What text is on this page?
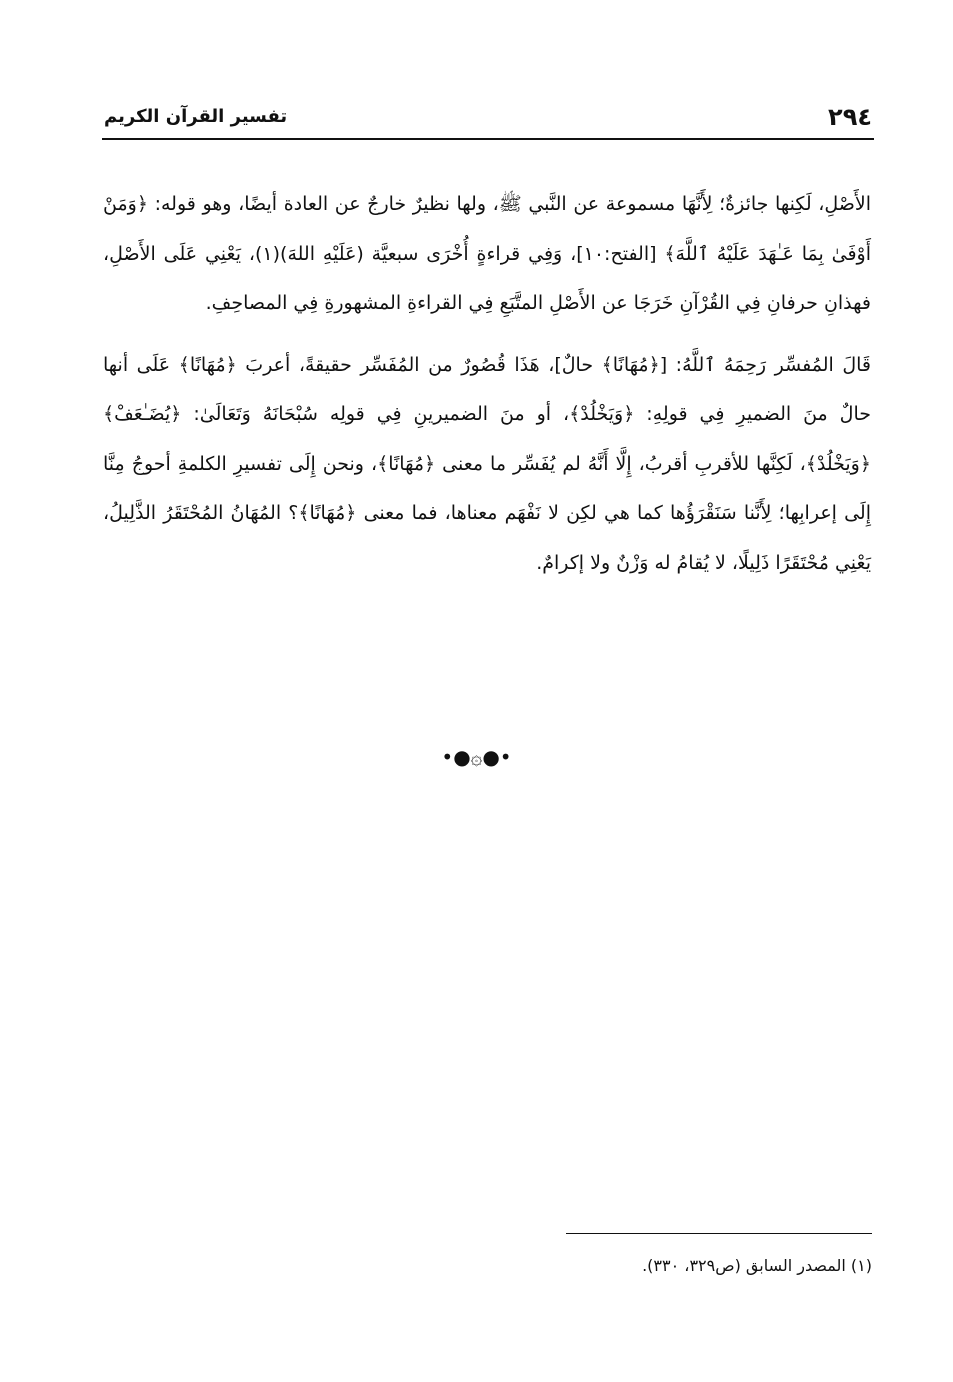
٢٩٤
تفسير القرآن الكريم

الأَصْلِ، لَكِنها جائزةٌ؛ لِأَنَّهَا مسموعة عن النَّبي ﷺ، ولها نظيرٌ خارجٌ عن العادة أيضًا، وهو قوله: ﴿وَمَنْ أَوْفَىٰ بِمَا عَـٰهَدَ عَلَيْهُ ٱللَّهَ﴾ [الفتح:١٠]، وَفِي قراءةٍ أُخْرَى سبعيَّة (عَلَيْهِ اللهَ)(١)، يَعْنِي عَلَى الأَصْلِ، فهذانِ حرفانِ فِي القُرْآنِ خَرَجَا عن الأَصْلِ المتَّبَعِ فِي القراءةِ المشهورةِ فِي المصاحِفِ.

قَالَ المُفسِّر رَحِمَهُ ٱللَّهُ: [﴿مُهَانًا﴾ حالٌ]، هَذَا قُصُورٌ من المُفَسِّر حقيقةً، أعربَ ﴿مُهَانًا﴾ عَلَى أنها حالٌ منَ الضميرِ فِي قولِهِ: ﴿وَيَخْلُدْ﴾، أو منَ الضميرينِ فِي قولِه سُبْحَانَهُ وَتَعَالَىٰ: ﴿يُضَـٰعَفْ﴾ ﴿وَيَخْلُدْ﴾، لَكِنَّها للأقربِ أقربُ، إِلَّا أَنَّهُ لم يُفَسِّر ما معنى ﴿مُهَانًا﴾، ونحن إِلَى تفسيرِ الكلمةِ أحوجُ مِنَّا إِلَى إعرابِها؛ لِأَنَّنا سَنَقْرَؤُها كما هي لكِن لا نَفْهَم معناها، فما معنى ﴿مُهَانًا﴾؟ المُهَانُ المُحْتَقَرُ الذَّلِيلُ، يَعْنِي مُحْتَقَرًا ذَلِيلًا، لا يُقامُ له وَزْنٌ ولا إكرامٌ.

•●۞●•
(١) المصدر السابق (ص٣٢٩، ٣٣٠).
